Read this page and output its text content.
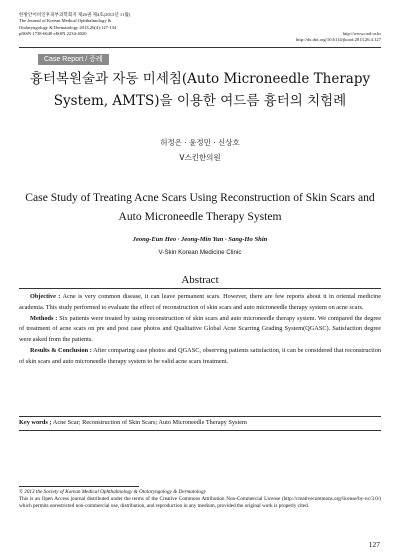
한방안이비인후피부과학회지 제26권 제4호(2013년 11월)
The Journal of Korean Medical Ophthalmology &
Otolaryngology & Dermatology 2013;26(4):127-134
pISSN 1738-6640 eISSN 2234-4020	http://www.ood.or.kr
http://dx.doi.org/10.6114/jkood.2013.26.4.127
Case Report / 증례
흉터복원술과 자동 미세침(Auto Microneedle Therapy System, AMTS)을 이용한 여드름 흉터의 치험례
허정은 · 윤정민 · 신상호
V스킨한의원
Case Study of Treating Acne Scars Using Reconstruction of Skin Scars and Auto Microneedle Therapy System
Jeong-Eun Heo · Jeong-Min Yun · Sang-Ho Shin
V-Skin Korean Medicine Clinic
Abstract

Objective : Acne is very common disease, it can leave permanent scars. However, there are few reports about it in oriental medicine academia. This study performed to evaluate the effect of reconstruction of skin scars and auto microneedle therapy system on acne scars.

Methods : Six patients were treated by using reconstruction of skin scars and auto microneedle therapy system. We compared the degree of treatment of acne scars on pre and post case photos and Qualitative Global Acne Scarring Grading System(QGASC). Satisfaction degree were asked from the patients.

Results & Conclusion : After comparing case photos and QGASC, observing patients satisfaction, it can be considered that reconstruction of skin scars and auto microneedle therapy system to be valid acne scars treatment.

Key words ; Acne Scar; Reconstruction of Skin Scars; Auto Microneedle Therapy System
© 2013 the Society of Korean Medical Ophthalmology & Otolaryngology & Dermatology
This is an Open Access journal distributed under the terms of the Creative Commons Attribution Non-Commercial License (http://creativecommons.org/license/by-nc/3.0/) which permits unrestricted non-commercial use, distribution, and reproduction in any medium, provided the original work is properly cited.
127
